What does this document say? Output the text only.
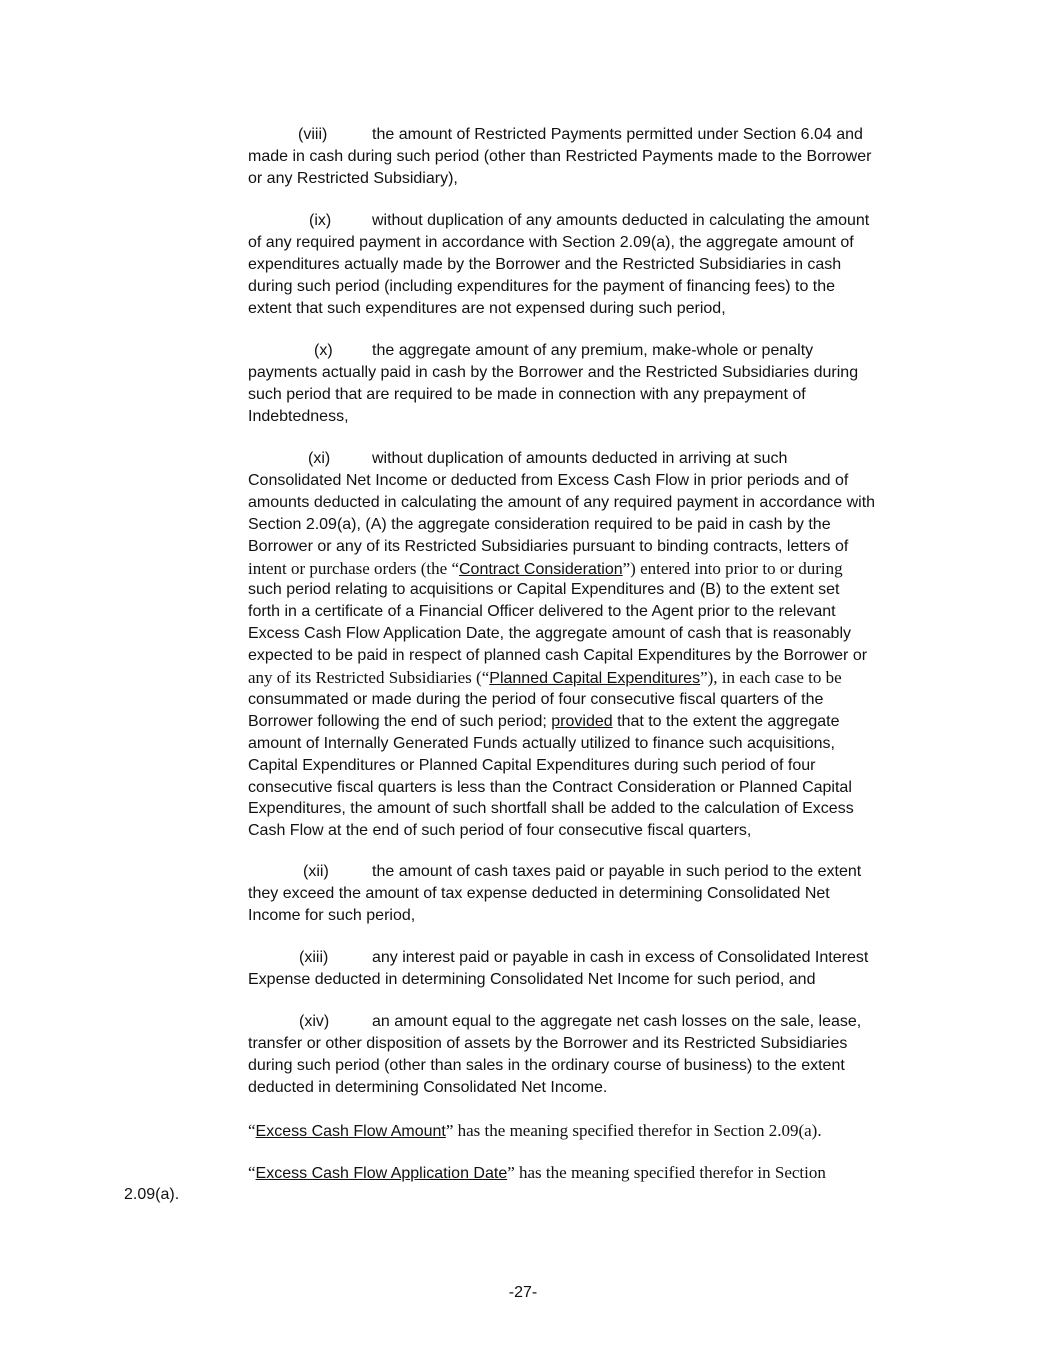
(viii)	the amount of Restricted Payments permitted under Section 6.04 and
made in cash during such period (other than Restricted Payments made to the Borrower
or any Restricted Subsidiary),
(ix)	without duplication of any amounts deducted in calculating the amount
of any required payment in accordance with Section 2.09(a), the aggregate amount of
expenditures actually made by the Borrower and the Restricted Subsidiaries in cash
during such period (including expenditures for the payment of financing fees) to the
extent that such expenditures are not expensed during such period,
(x) the aggregate amount of any premium, make-whole or penalty
payments actually paid in cash by the Borrower and the Restricted Subsidiaries during
such period that are required to be made in connection with any prepayment of
Indebtedness,
(xi)	without duplication of amounts deducted in arriving at such
Consolidated Net Income or deducted from Excess Cash Flow in prior periods and of
amounts deducted in calculating the amount of any required payment in accordance with
Section 2.09(a), (A) the aggregate consideration required to be paid in cash by the
Borrower or any of its Restricted Subsidiaries pursuant to binding contracts, letters of
intent or purchase orders (the “Contract Consideration”) entered into prior to or during
such period relating to acquisitions or Capital Expenditures and (B) to the extent set
forth in a certificate of a Financial Officer delivered to the Agent prior to the relevant
Excess Cash Flow Application Date, the aggregate amount of cash that is reasonably
expected to be paid in respect of planned cash Capital Expenditures by the Borrower or
any of its Restricted Subsidiaries (“Planned Capital Expenditures”), in each case to be
consummated or made during the period of four consecutive fiscal quarters of the
Borrower following the end of such period; provided that to the extent the aggregate
amount of Internally Generated Funds actually utilized to finance such acquisitions,
Capital Expenditures or Planned Capital Expenditures during such period of four
consecutive fiscal quarters is less than the Contract Consideration or Planned Capital
Expenditures, the amount of such shortfall shall be added to the calculation of Excess
Cash Flow at the end of such period of four consecutive fiscal quarters,
(xii)	the amount of cash taxes paid or payable in such period to the extent
they exceed the amount of tax expense deducted in determining Consolidated Net
Income for such period,
(xiii)	any interest paid or payable in cash in excess of Consolidated Interest
Expense deducted in determining Consolidated Net Income for such period, and
(xiv)	an amount equal to the aggregate net cash losses on the sale, lease,
transfer or other disposition of assets by the Borrower and its Restricted Subsidiaries
during such period (other than sales in the ordinary course of business) to the extent
deducted in determining Consolidated Net Income.
“Excess Cash Flow Amount” has the meaning specified therefor in Section 2.09(a).
“Excess Cash Flow Application Date” has the meaning specified therefor in Section
2.09(a).
-27-
